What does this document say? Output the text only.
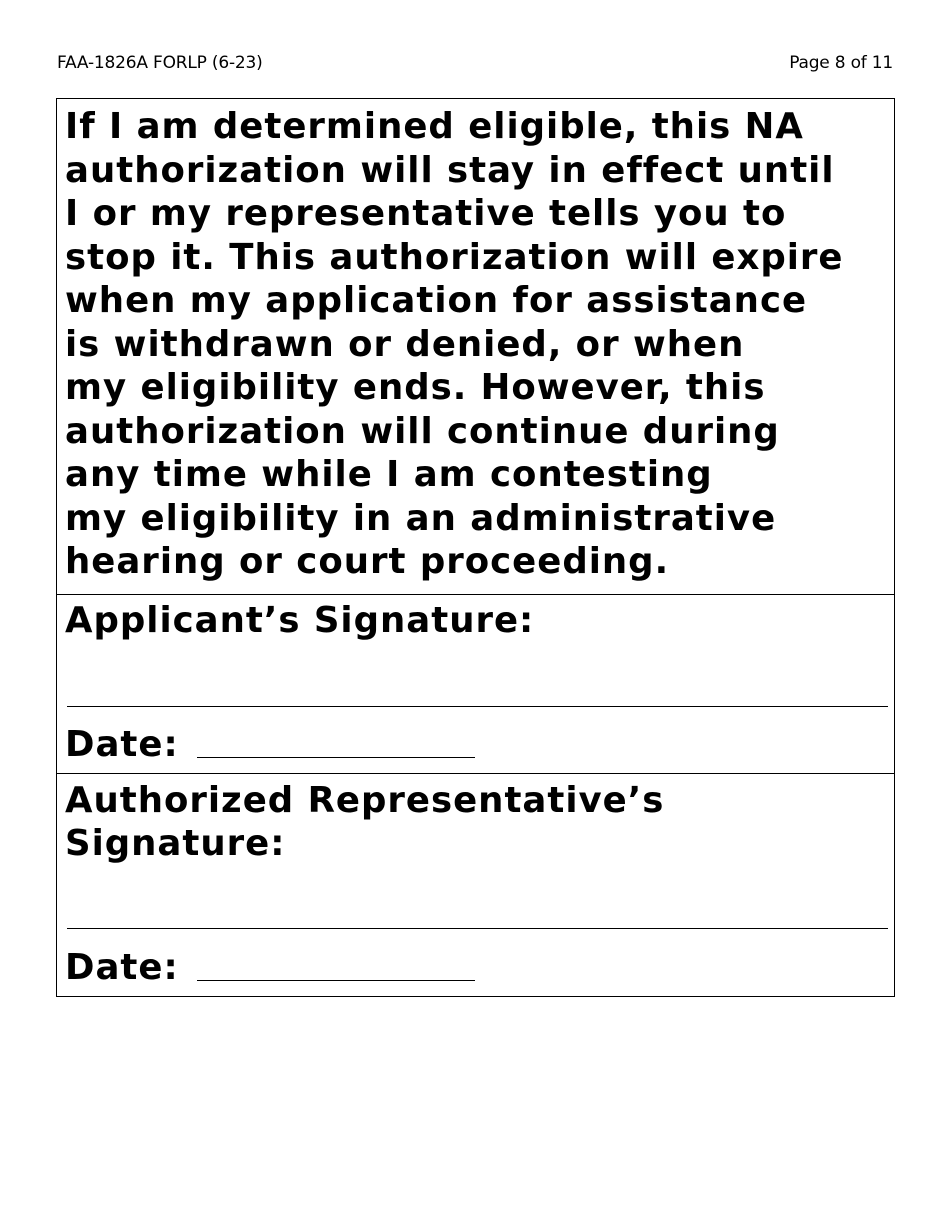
FAA-1826A FORLP (6-23)	Page 8 of 11

If I am determined eligible, this NA
authorization will stay in effect until
I or my representative tells you to
stop it. This authorization will expire
when my application for assistance
is withdrawn or denied, or when
my eligibility ends. However, this
authorization will continue during
any time while I am contesting
my eligibility in an administrative
hearing or court proceeding.

Applicant’s Signature:
Date:
Authorized Representative’s
Signature:
Date:
